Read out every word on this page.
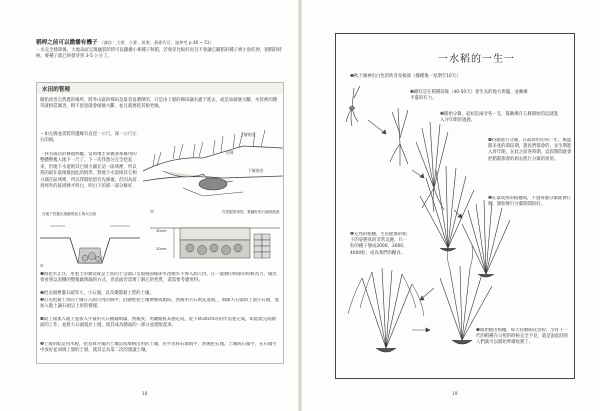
稻桿之前可以撒播有機子 （譯註：大麥、小麥、黑麥、燕麥均可，請參考 p.48 ~ 51）
・水完全排除後，大地表面呈現龜裂狀時可以撒播小麥種子和稻，若發芽比較好而且不會讓它隨稻的種子被小鳥吃掉，割稻的時候，麥種子就已經發芽到 3-5 公分了。
水田的管理
開始改善自然農的場所，將外山區的梯田是最容易選擇的，只是由上層的梯田讓水灌不進去，或是易破壞大斷，水管裡的雜草就相當厲害，稍不留意就會破壞大斷，並且就要把其根更換。
・如左圖並需將的邊緣有直徑一公尺、深一公尺左右的洞，
・我有兩次的修復經驗，當時地主掌握著那稱用的整體整塊入地下一尺了，下一次我想分完全挖起來，但地下水道則其它相力鋪在這一區域裡，所以我的最在最後後因此的情形，對地下水道則其它相力鋪在區域裡，所以我開始留有先修復；但因為前到周外的區域裡才明白，明白下的那一部分修好，
上層的田
下層的田
田埂
在地下挖掘出重鋪的泥土與大石頭
①
在挖掘的深度，要鋪好的石頭再進進
②
30cm
20cm
❶洞把水止住，用製土的糞袋或是土質的土呈頭口呈現兩面後即可改變水不滲入洞穴內，在一農曆的時節的時候為力，儀出會看到以泥糊的整塊做滲漏的方式，但前面若需要了解它的性質，還需要考慮用料。
❷挖去洞裡灌石頭等大，小石頭，以及聚都黏土質的土壤。
❸首先把黏土質的土壤在入洞穴內的洞中，沿牆壁把土壤擠壓成類似，然後用大石填充進洞，，填隙大石頭與上面小石頭，並加入黏土讓石頭呈上原的模樣，
❹最上面加入黏土並加入少量的大石撒鋪填滿，然後放，用鋤頭將其穩定成，從下降30cm高的作法並完成，如此就完成牆面的工作，並將大石頭置於上層，使其成為牆面的一部分並搭配起來。
❺上層的畦是用木板，把長條方塊的土壤當成堆積出用的土壤，用平坦和石頭填平，然後把石塊、土壤與石頭平，在石頭至中放好並回填上層的土層，使其呈為第二次的建議土壤。
18
一水稻的一生一
❶秋土壤神出白色的幼芽及根部（播種後一星期至10天）
❷剛好是在稻種前後（40-50天）會生長的地方與擺，並漸漸平臺的有力。
❸開始分蘗，起初是兩旁各一支，都漸漸在五條開始的這就進入分年期的過渡。
❹持續進行分蘗，在最新形的同一年，後盛開多產的間段期，農民們都會的，多生期進入青年期，在此之前各時期，這段期間就會把稻穀都會的剝去進行分蘗的剪剪。
❺在最成熟的稻穗間，不過每個分蘗就會打稻，開始修行分蘗期間的好。
❻完熟的稻穗，生長健康的稻子的姿態真的非常美麗，只一粒的種子變成2000、3000、4000粒，成為我們的糧食。
❼開始抽出稻穗，每天持續開花受粉，孕育下一代的稻種在日照的時候完全不見，就是說此時的人們就可以開始準備收割了。
19
